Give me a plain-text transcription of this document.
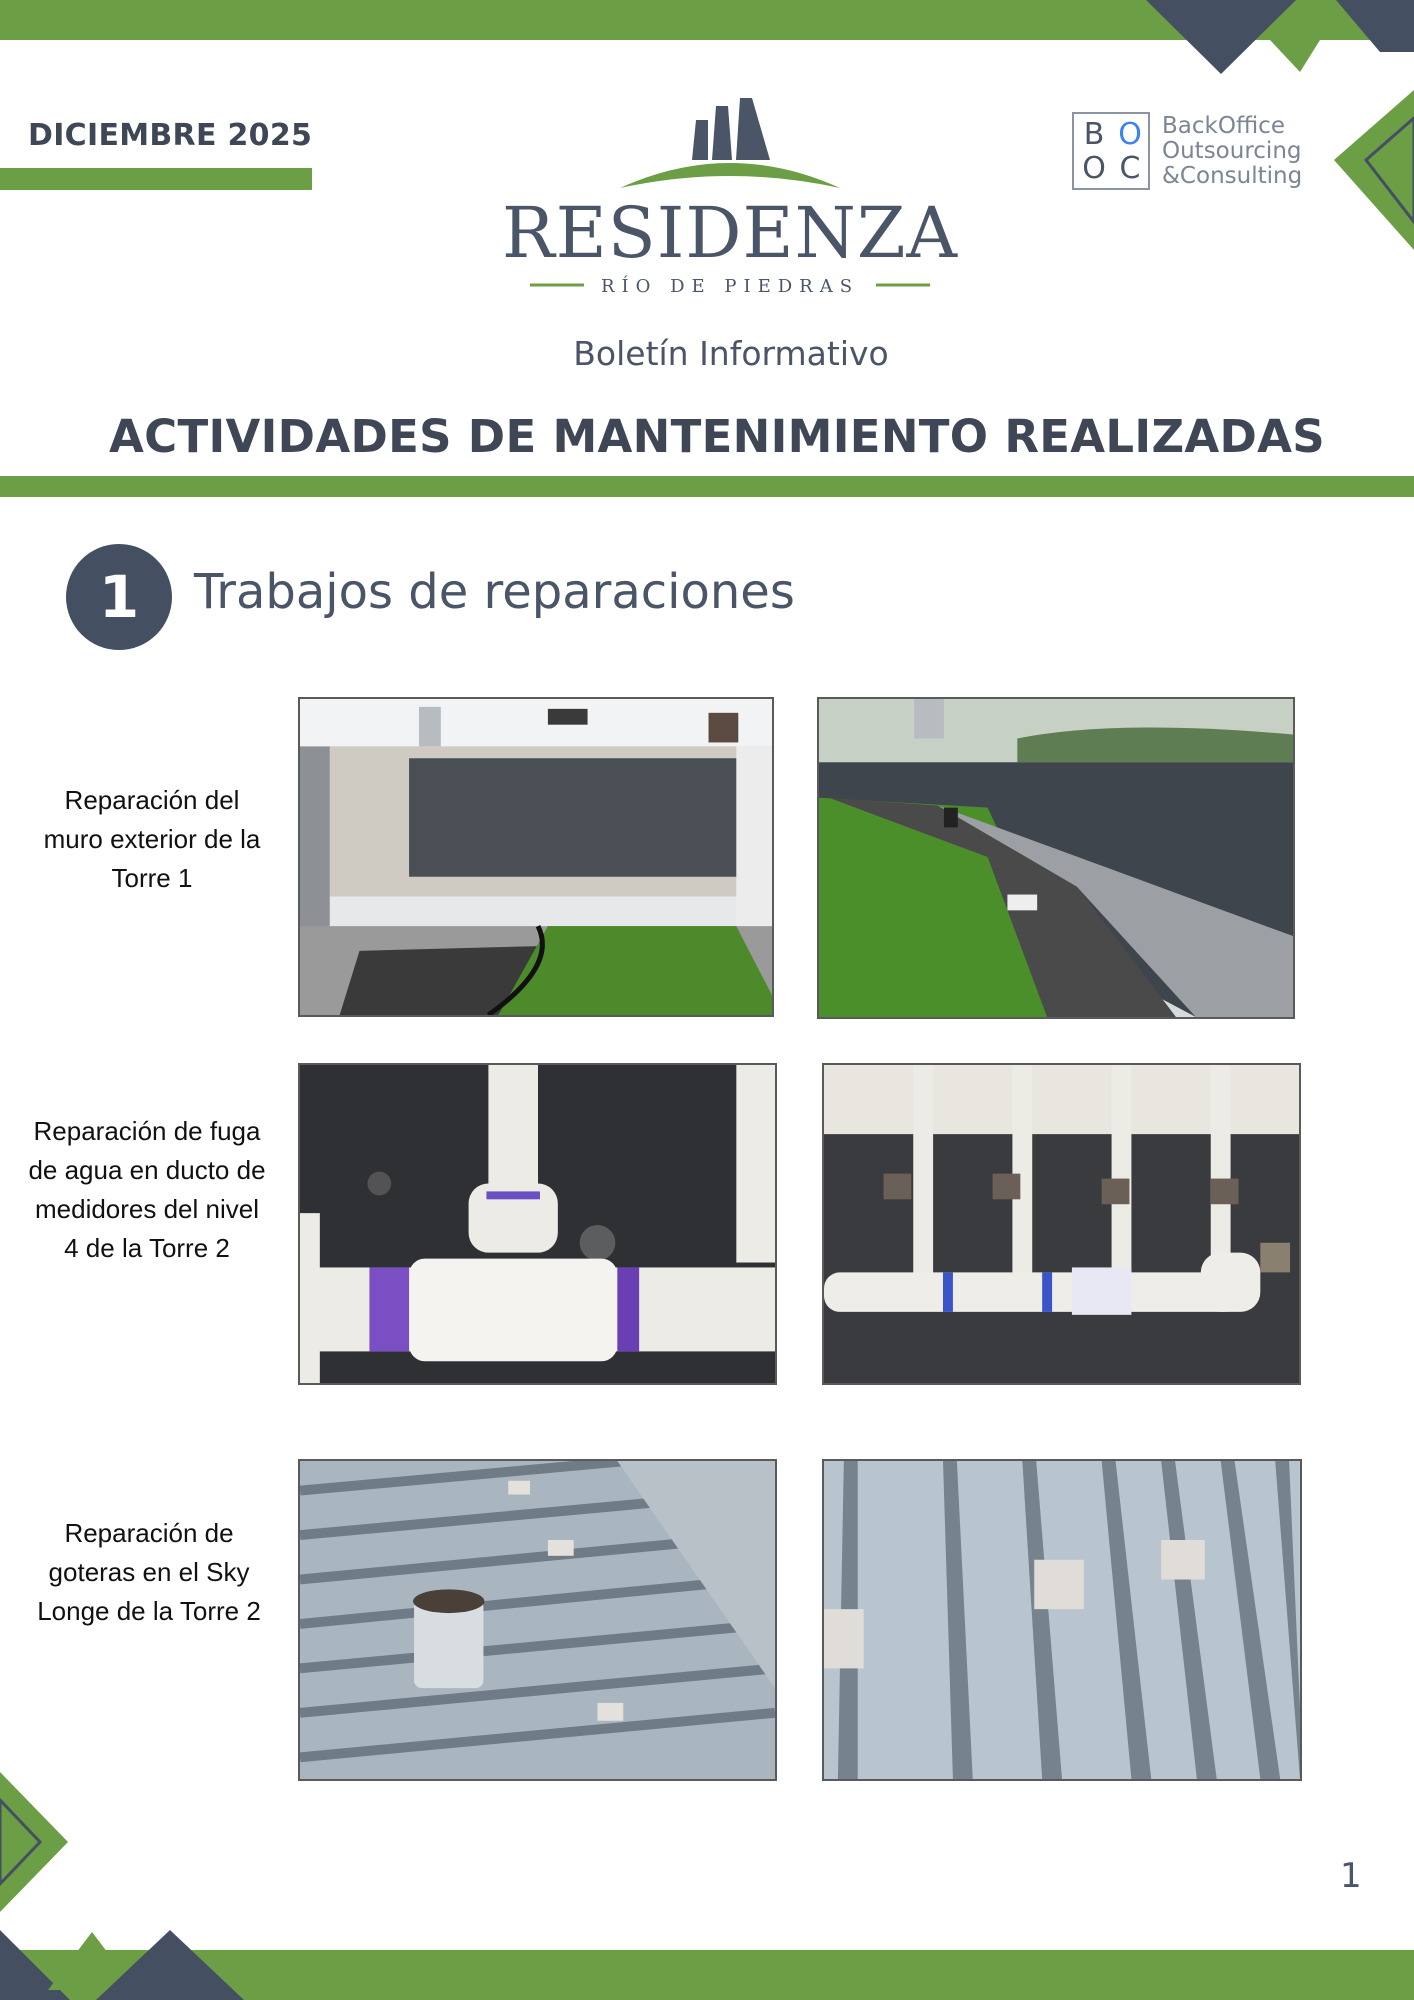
DICIEMBRE 2025
RESIDENZA
RÍO DE PIEDRAS
B O
O C
BackOffice
Outsourcing
&Consulting
Boletín Informativo
ACTIVIDADES DE MANTENIMIENTO REALIZADAS
1	Trabajos de reparaciones
Reparación del muro exterior de la Torre 1
Reparación de fuga de agua en ducto de medidores del nivel 4 de la Torre 2
Reparación de goteras en el Sky Longe de la Torre 2
1
